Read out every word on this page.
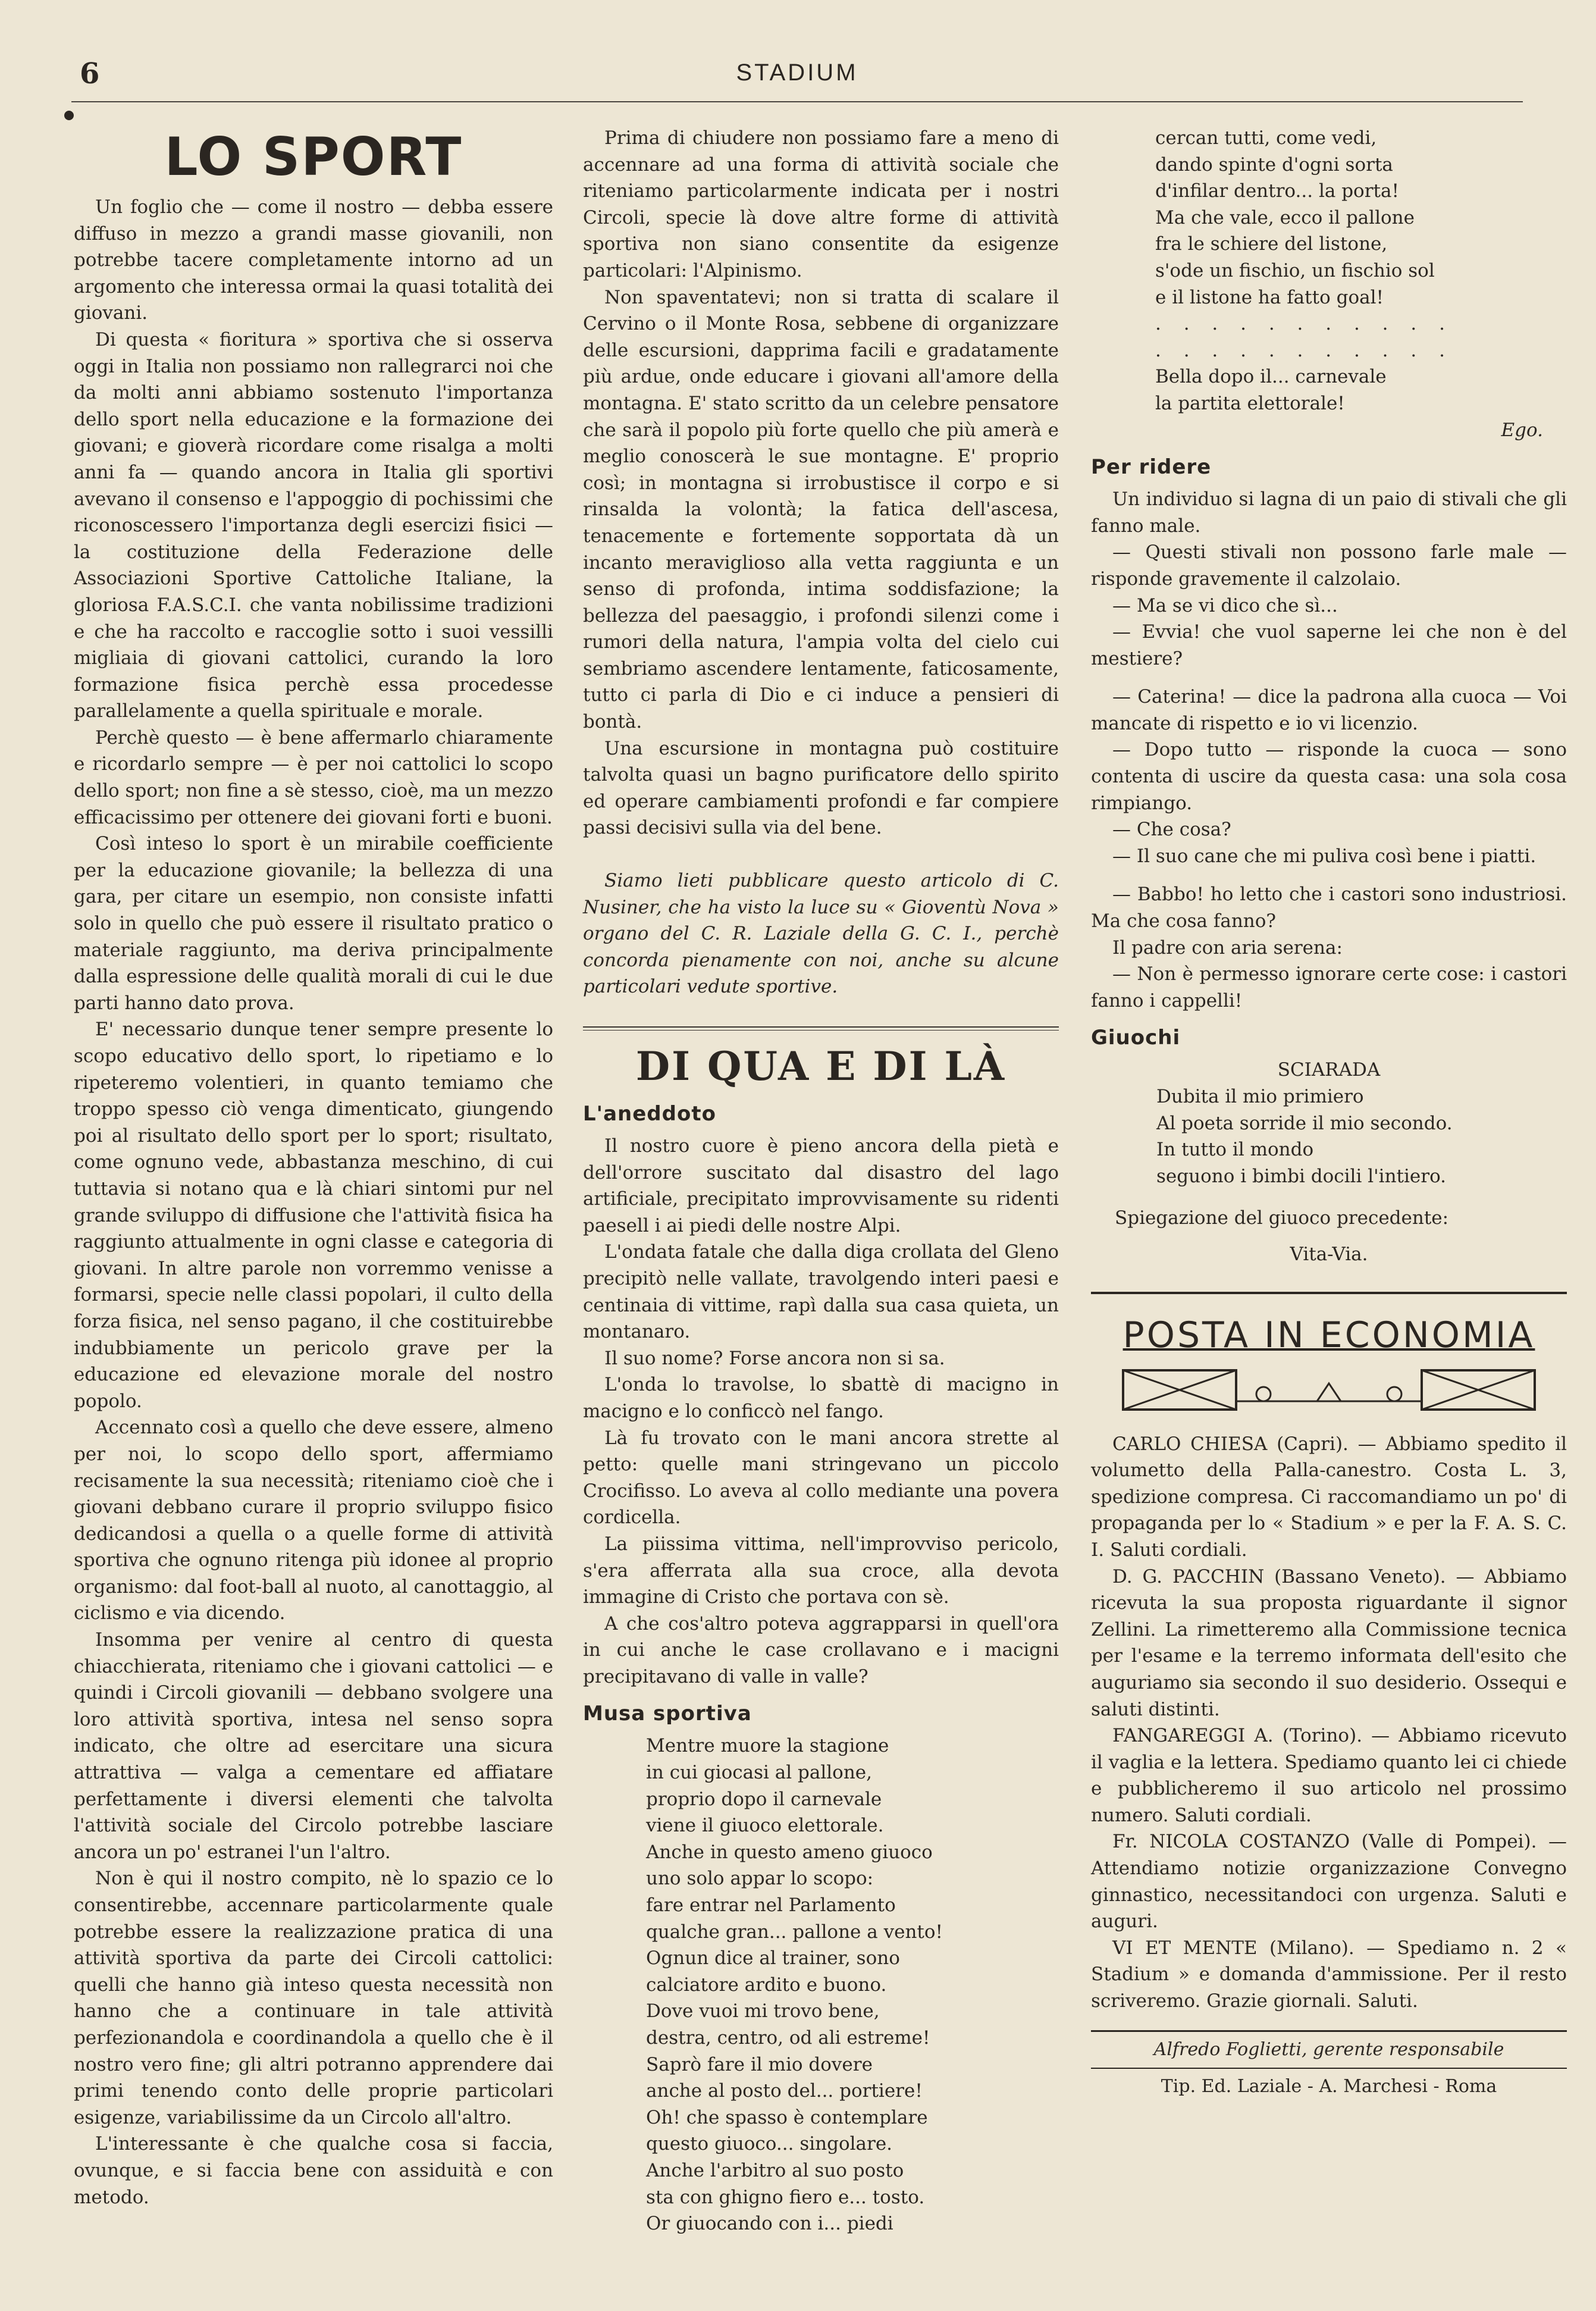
6	STADIUM
LO SPORT

Un foglio che — come il nostro — debba essere diffuso in mezzo a grandi masse giovanili, non potrebbe tacere completamente intorno ad un argomento che interessa ormai la quasi totalità dei giovani.

Di questa « fioritura » sportiva che si osserva oggi in Italia non possiamo non rallegrarci noi che da molti anni abbiamo sostenuto l'importanza dello sport nella educazione e la formazione dei giovani; e gioverà ricordare come risalga a molti anni fa — quando ancora in Italia gli sportivi avevano il consenso e l'appoggio di pochissimi che riconoscessero l'importanza degli esercizi fisici — la costituzione della Federazione delle Associazioni Sportive Cattoliche Italiane, la gloriosa F.A.S.C.I. che vanta nobilissime tradizioni e che ha raccolto e raccoglie sotto i suoi vessilli migliaia di giovani cattolici, curando la loro formazione fisica perchè essa procedesse parallelamente a quella spirituale e morale.

Perchè questo — è bene affermarlo chiaramente e ricordarlo sempre — è per noi cattolici lo scopo dello sport; non fine a sè stesso, cioè, ma un mezzo efficacissimo per ottenere dei giovani forti e buoni.

Così inteso lo sport è un mirabile coefficiente per la educazione giovanile; la bellezza di una gara, per citare un esempio, non consiste infatti solo in quello che può essere il risultato pratico o materiale raggiunto, ma deriva principalmente dalla espressione delle qualità morali di cui le due parti hanno dato prova.

E' necessario dunque tener sempre presente lo scopo educativo dello sport, lo ripetiamo e lo ripeteremo volentieri, in quanto temiamo che troppo spesso ciò venga dimenticato, giungendo poi al risultato dello sport per lo sport; risultato, come ognuno vede, abbastanza meschino, di cui tuttavia si notano qua e là chiari sintomi pur nel grande sviluppo di diffusione che l'attività fisica ha raggiunto attualmente in ogni classe e categoria di giovani. In altre parole non vorremmo venisse a formarsi, specie nelle classi popolari, il culto della forza fisica, nel senso pagano, il che costituirebbe indubbiamente un pericolo grave per la educazione ed elevazione morale del nostro popolo.

Accennato così a quello che deve essere, almeno per noi, lo scopo dello sport, affermiamo recisamente la sua necessità; riteniamo cioè che i giovani debbano curare il proprio sviluppo fisico dedicandosi a quella o a quelle forme di attività sportiva che ognuno ritenga più idonee al proprio organismo: dal foot-ball al nuoto, al canottaggio, al ciclismo e via dicendo.

Insomma per venire al centro di questa chiacchierata, riteniamo che i giovani cattolici — e quindi i Circoli giovanili — debbano svolgere una loro attività sportiva, intesa nel senso sopra indicato, che oltre ad esercitare una sicura attrattiva — valga a cementare ed affiatare perfettamente i diversi elementi che talvolta l'attività sociale del Circolo potrebbe lasciare ancora un po' estranei l'un l'altro.

Non è qui il nostro compito, nè lo spazio ce lo consentirebbe, accennare particolarmente quale potrebbe essere la realizzazione pratica di una attività sportiva da parte dei Circoli cattolici: quelli che hanno già inteso questa necessità non hanno che a continuare in tale attività perfezionandola e coordinandola a quello che è il nostro vero fine; gli altri potranno apprendere dai primi tenendo conto delle proprie particolari esigenze, variabilissime da un Circolo all'altro.

L'interessante è che qualche cosa si faccia, ovunque, e si faccia bene con assiduità e con metodo.

Prima di chiudere non possiamo fare a meno di accennare ad una forma di attività sociale che riteniamo particolarmente indicata per i nostri Circoli, specie là dove altre forme di attività sportiva non siano consentite da esigenze particolari: l'Alpinismo.

Non spaventatevi; non si tratta di scalare il Cervino o il Monte Rosa, sebbene di organizzare delle escursioni, dapprima facili e gradatamente più ardue, onde educare i giovani all'amore della montagna. E' stato scritto da un celebre pensatore che sarà il popolo più forte quello che più amerà e meglio conoscerà le sue montagne. E' proprio così; in montagna si irrobustisce il corpo e si rinsalda la volontà; la fatica dell'ascesa, tenacemente e fortemente sopportata dà un incanto meraviglioso alla vetta raggiunta e un senso di profonda, intima soddisfazione; la bellezza del paesaggio, i profondi silenzi come i rumori della natura, l'ampia volta del cielo cui sembriamo ascendere lentamente, faticosamente, tutto ci parla di Dio e ci induce a pensieri di bontà.

Una escursione in montagna può costituire talvolta quasi un bagno purificatore dello spirito ed operare cambiamenti profondi e far compiere passi decisivi sulla via del bene.

Siamo lieti pubblicare questo articolo di C. Nusiner, che ha visto la luce su « Gioventù Nova » organo del C. R. Laziale della G. C. I., perchè concorda pienamente con noi, anche su alcune particolari vedute sportive.

DI QUA E DI LÀ
L'aneddoto

Il nostro cuore è pieno ancora della pietà e dell'orrore suscitato dal disastro del lago artificiale, precipitato improvvisamente su ridenti paesell i ai piedi delle nostre Alpi.

L'ondata fatale che dalla diga crollata del Gleno precipitò nelle vallate, travolgendo interi paesi e centinaia di vittime, rapì dalla sua casa quieta, un montanaro.

Il suo nome? Forse ancora non si sa.

L'onda lo travolse, lo sbattè di macigno in macigno e lo conficcò nel fango.

Là fu trovato con le mani ancora strette al petto: quelle mani stringevano un piccolo Crocifisso. Lo aveva al collo mediante una povera cordicella.

La piissima vittima, nell'improvviso pericolo, s'era afferrata alla sua croce, alla devota immagine di Cristo che portava con sè.

A che cos'altro poteva aggrapparsi in quell'ora in cui anche le case crollavano e i macigni precipitavano di valle in valle?

Musa sportiva
Mentre muore la stagione
in cui giocasi al pallone,
proprio dopo il carnevale
viene il giuoco elettorale.
Anche in questo ameno giuoco
uno solo appar lo scopo:
fare entrar nel Parlamento
qualche gran... pallone a vento!
Ognun dice al trainer, sono
calciatore ardito e buono.
Dove vuoi mi trovo bene,
destra, centro, od ali estreme!
Saprò fare il mio dovere
anche al posto del... portiere!
Oh! che spasso è contemplare
questo giuoco... singolare.
Anche l'arbitro al suo posto
sta con ghigno fiero e... tosto.
Or giuocando con i... piedi
cercan tutti, come vedi,
dando spinte d'ogni sorta
d'infilar dentro... la porta!
Ma che vale, ecco il pallone
fra le schiere del listone,
s'ode un fischio, un fischio sol
e il listone ha fatto goal!
. . . . . . . . . . .
. . . . . . . . . . .
Bella dopo il... carnevale
la partita elettorale!
Ego.
Per ridere

Un individuo si lagna di un paio di stivali che gli fanno male.

— Questi stivali non possono farle male — risponde gravemente il calzolaio.

— Ma se vi dico che sì...

— Evvia! che vuol saperne lei che non è del mestiere?

— Caterina! — dice la padrona alla cuoca — Voi mancate di rispetto e io vi licenzio.

— Dopo tutto — risponde la cuoca — sono contenta di uscire da questa casa: una sola cosa rimpiango.

— Che cosa?

— Il suo cane che mi puliva così bene i piatti.

— Babbo! ho letto che i castori sono industriosi. Ma che cosa fanno?

Il padre con aria serena:

— Non è permesso ignorare certe cose: i castori fanno i cappelli!

Giuochi
SCIARADA
Dubita il mio primiero
Al poeta sorride il mio secondo.
In tutto il mondo
seguono i bimbi docili l'intiero.
Spiegazione del giuoco precedente:
Vita-Via.
POSTA IN ECONOMIA

CARLO CHIESA (Capri). — Abbiamo spedito il volumetto della Palla-canestro. Costa L. 3, spedizione compresa. Ci raccomandiamo un po' di propaganda per lo « Stadium » e per la F. A. S. C. I. Saluti cordiali.

D. G. PACCHIN (Bassano Veneto). — Abbiamo ricevuta la sua proposta riguardante il signor Zellini. La rimetteremo alla Commissione tecnica per l'esame e la terremo informata dell'esito che auguriamo sia secondo il suo desiderio. Ossequi e saluti distinti.

FANGAREGGI A. (Torino). — Abbiamo ricevuto il vaglia e la lettera. Spediamo quanto lei ci chiede e pubblicheremo il suo articolo nel prossimo numero. Saluti cordiali.

Fr. NICOLA COSTANZO (Valle di Pompei). — Attendiamo notizie organizzazione Convegno ginnastico, necessitandoci con urgenza. Saluti e auguri.

VI ET MENTE (Milano). — Spediamo n. 2 « Stadium » e domanda d'ammissione. Per il resto scriveremo. Grazie giornali. Saluti.

Alfredo Foglietti, gerente responsabile
Tip. Ed. Laziale - A. Marchesi - Roma
